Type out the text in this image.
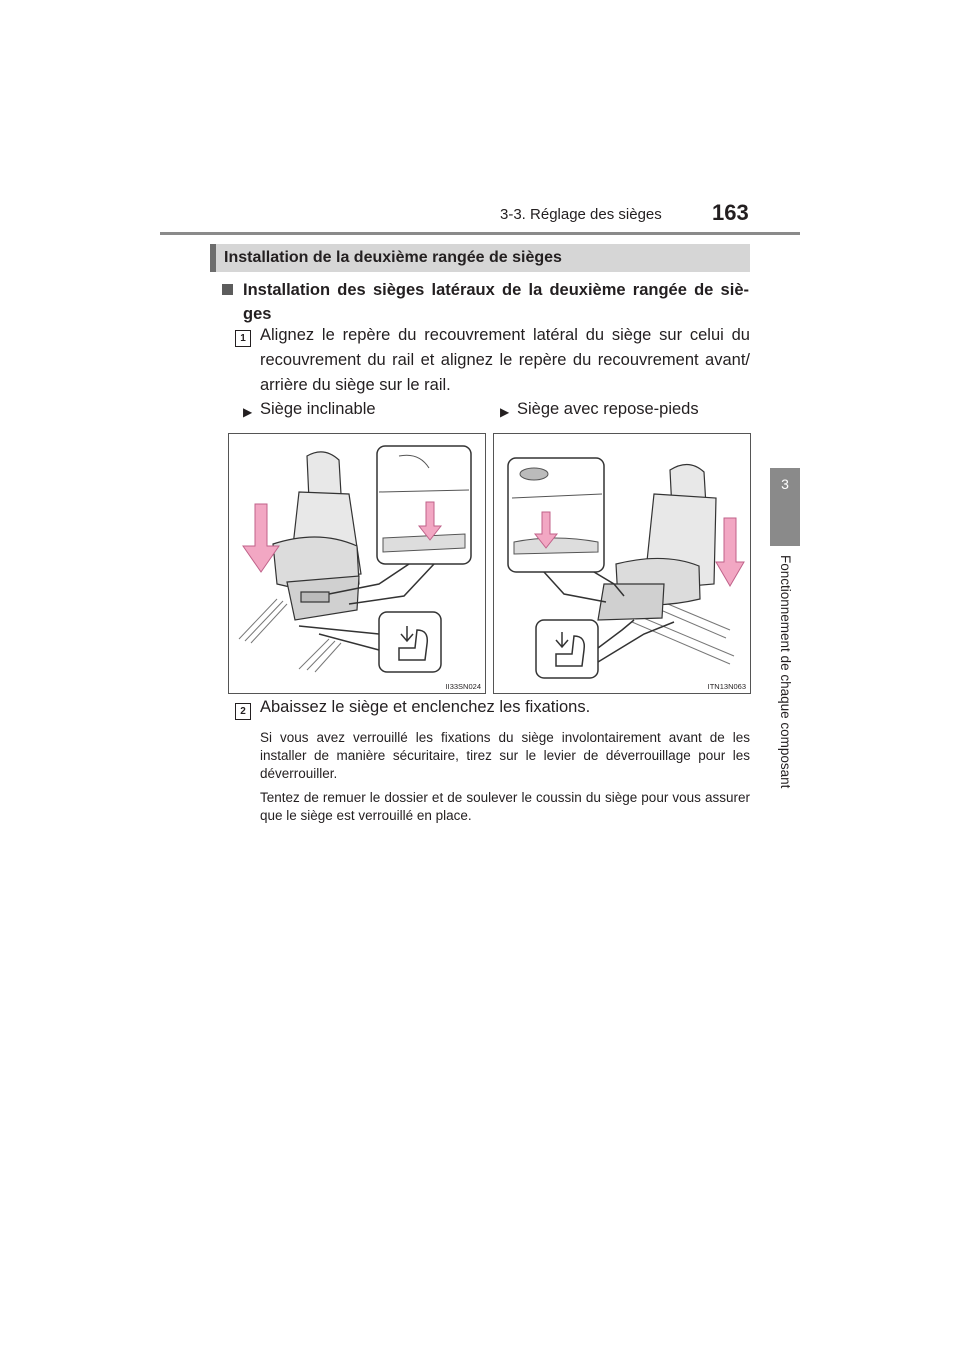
3-3. Réglage des sièges 163
3
Fonctionnement de chaque composant
Installation de la deuxième rangée de sièges
Installation des sièges latéraux de la deuxième rangée de siè- ges
1 Alignez le repère du recouvrement latéral du siège sur celui du recouvrement du rail et alignez le repère du recouvrement avant/ arrière du siège sur le rail.
▶ Siège inclinable	▶ Siège avec repose-pieds
II33SN024	ITN13N063
2 Abaissez le siège et enclenchez les fixations.
Si vous avez verrouillé les fixations du siège involontairement avant de les installer de manière sécuritaire, tirez sur le levier de déverrouillage pour les déverrouiller.
Tentez de remuer le dossier et de soulever le coussin du siège pour vous assurer que le siège est verrouillé en place.
